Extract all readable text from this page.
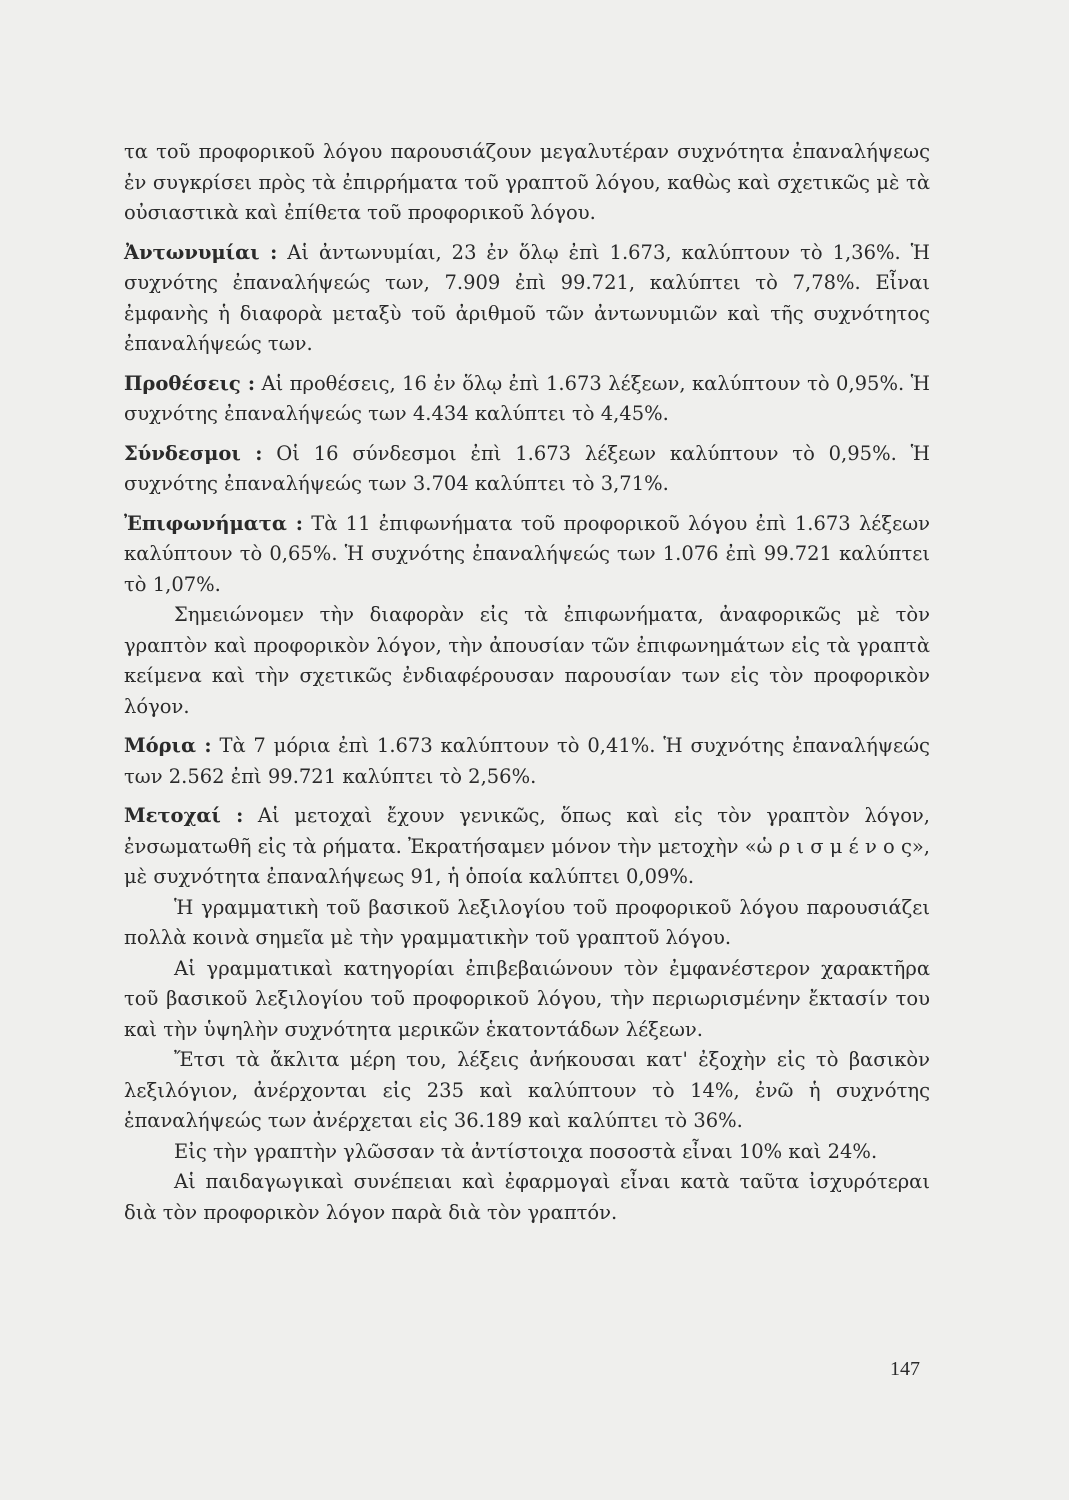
τα τοῦ προφορικοῦ λόγου παρουσιάζουν μεγαλυτέραν συχνότητα ἐπαναλήψεως ἐν συγκρίσει πρὸς τὰ ἐπιρρήματα τοῦ γραπτοῦ λόγου, καθὼς καὶ σχετικῶς μὲ τὰ οὐσιαστικὰ καὶ ἐπίθετα τοῦ προφορικοῦ λόγου.

Ἀντωνυμίαι : Αἱ ἀντωνυμίαι, 23 ἐν ὅλῳ ἐπὶ 1.673, καλύπτουν τὸ 1,36%. Ἡ συχνότης ἐπαναλήψεώς των, 7.909 ἐπὶ 99.721, καλύπτει τὸ 7,78%. Εἶναι ἐμφανὴς ἡ διαφορὰ μεταξὺ τοῦ ἀριθμοῦ τῶν ἀντωνυμιῶν καὶ τῆς συχνότητος ἐπαναλήψεώς των.

Προθέσεις : Αἱ προθέσεις, 16 ἐν ὅλῳ ἐπὶ 1.673 λέξεων, καλύπτουν τὸ 0,95%. Ἡ συχνότης ἐπαναλήψεώς των 4.434 καλύπτει τὸ 4,45%.

Σύνδεσμοι : Οἱ 16 σύνδεσμοι ἐπὶ 1.673 λέξεων καλύπτουν τὸ 0,95%. Ἡ συχνότης ἐπαναλήψεώς των 3.704 καλύπτει τὸ 3,71%.

Ἐπιφωνήματα : Τὰ 11 ἐπιφωνήματα τοῦ προφορικοῦ λόγου ἐπὶ 1.673 λέξεων καλύπτουν τὸ 0,65%. Ἡ συχνότης ἐπαναλήψεώς των 1.076 ἐπὶ 99.721 καλύπτει τὸ 1,07%.

Σημειώνομεν τὴν διαφορὰν εἰς τὰ ἐπιφωνήματα, ἀναφορικῶς μὲ τὸν γραπτὸν καὶ προφορικὸν λόγον, τὴν ἀπουσίαν τῶν ἐπιφωνημάτων εἰς τὰ γραπτὰ κείμενα καὶ τὴν σχετικῶς ἐνδιαφέρουσαν παρουσίαν των εἰς τὸν προφορικὸν λόγον.

Μόρια : Τὰ 7 μόρια ἐπὶ 1.673 καλύπτουν τὸ 0,41%. Ἡ συχνότης ἐπαναλήψεώς των 2.562 ἐπὶ 99.721 καλύπτει τὸ 2,56%.

Μετοχαί : Αἱ μετοχαὶ ἔχουν γενικῶς, ὅπως καὶ εἰς τὸν γραπτὸν λόγον, ἐνσωματωθῆ εἰς τὰ ρήματα. Ἐκρατήσαμεν μόνον τὴν μετοχὴν «ὡ ρ ι σ μ έ ν ο ς», μὲ συχνότητα ἐπαναλήψεως 91, ἡ ὁποία καλύπτει 0,09%.

Ἡ γραμματικὴ τοῦ βασικοῦ λεξιλογίου τοῦ προφορικοῦ λόγου παρουσιάζει πολλὰ κοινὰ σημεῖα μὲ τὴν γραμματικὴν τοῦ γραπτοῦ λόγου.

Αἱ γραμματικαὶ κατηγορίαι ἐπιβεβαιώνουν τὸν ἐμφανέστερον χαρακτῆρα τοῦ βασικοῦ λεξιλογίου τοῦ προφορικοῦ λόγου, τὴν περιωρισμένην ἔκτασίν του καὶ τὴν ὑψηλὴν συχνότητα μερικῶν ἑκατοντάδων λέξεων.

Ἔτσι τὰ ἄκλιτα μέρη του, λέξεις ἀνήκουσαι κατ' ἐξοχὴν εἰς τὸ βασικὸν λεξιλόγιον, ἀνέρχονται εἰς 235 καὶ καλύπτουν τὸ 14%, ἐνῶ ἡ συχνότης ἐπαναλήψεώς των ἀνέρχεται εἰς 36.189 καὶ καλύπτει τὸ 36%.

Εἰς τὴν γραπτὴν γλῶσσαν τὰ ἀντίστοιχα ποσοστὰ εἶναι 10% καὶ 24%.

Αἱ παιδαγωγικαὶ συνέπειαι καὶ ἐφαρμογαὶ εἶναι κατὰ ταῦτα ἰσχυρότεραι διὰ τὸν προφορικὸν λόγον παρὰ διὰ τὸν γραπτόν.

147
